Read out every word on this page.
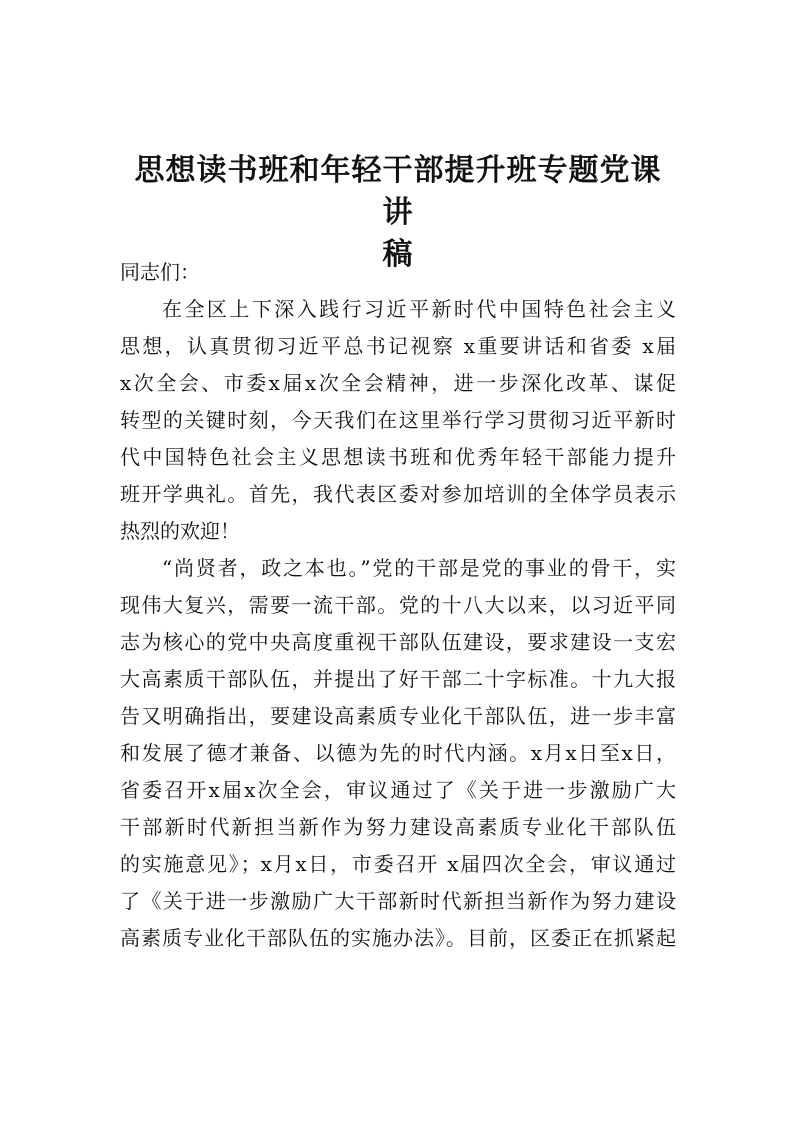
思想读书班和年轻干部提升班专题党课讲
稿
同志们：
在全区上下深入践行习近平新时代中国特色社会主义
思想，认真贯彻习近平总书记视察 x重要讲话和省委 x届
x次全会、市委x届x次全会精神，进一步深化改革、谋促
转型的关键时刻，今天我们在这里举行学习贯彻习近平新时
代中国特色社会主义思想读书班和优秀年轻干部能力提升
班开学典礼。首先，我代表区委对参加培训的全体学员表示
热烈的欢迎！
“尚贤者，政之本也。”党的干部是党的事业的骨干，实
现伟大复兴，需要一流干部。党的十八大以来，以习近平同
志为核心的党中央高度重视干部队伍建设，要求建设一支宏
大高素质干部队伍，并提出了好干部二十字标准。十九大报
告又明确指出，要建设高素质专业化干部队伍，进一步丰富
和发展了德才兼备、以德为先的时代内涵。x月x日至x日，
省委召开x届x次全会，审议通过了《关于进一步激励广大
干部新时代新担当新作为努力建设高素质专业化干部队伍
的实施意见》；x月x日，市委召开 x届四次全会，审议通过
了《关于进一步激励广大干部新时代新担当新作为努力建设
高素质专业化干部队伍的实施办法》。目前，区委正在抓紧起
